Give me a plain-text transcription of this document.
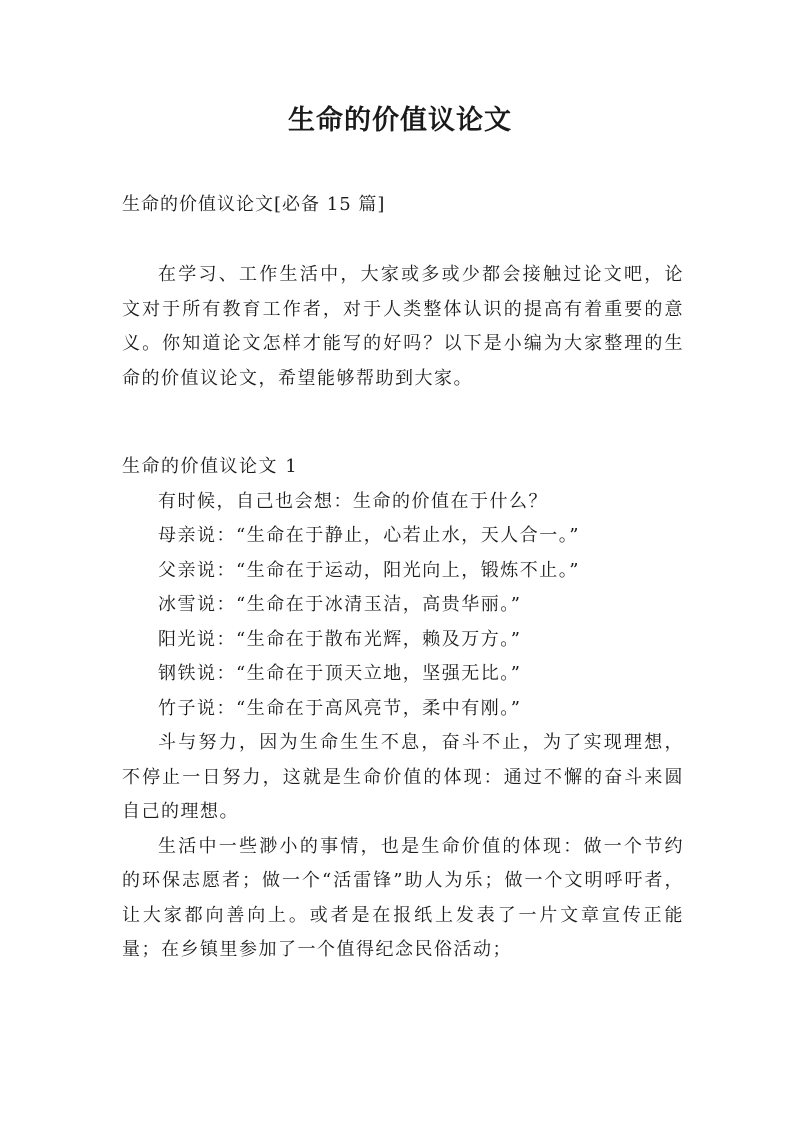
生命的价值议论文

生命的价值议论文[必备 15 篇]

在学习、工作生活中，大家或多或少都会接触过论文吧，论文对于所有教育工作者，对于人类整体认识的提高有着重要的意义。你知道论文怎样才能写的好吗？以下是小编为大家整理的生命的价值议论文，希望能够帮助到大家。

生命的价值议论文 1

有时候，自己也会想：生命的价值在于什么？

母亲说：“生命在于静止，心若止水，天人合一。”

父亲说：“生命在于运动，阳光向上，锻炼不止。”

冰雪说：“生命在于冰清玉洁，高贵华丽。”

阳光说：“生命在于散布光辉，赖及万方。”

钢铁说：“生命在于顶天立地，坚强无比。”

竹子说：“生命在于高风亮节，柔中有刚。”

斗与努力，因为生命生生不息，奋斗不止，为了实现理想，不停止一日努力，这就是生命价值的体现：通过不懈的奋斗来圆自己的理想。

生活中一些渺小的事情，也是生命价值的体现：做一个节约的环保志愿者；做一个“活雷锋”助人为乐；做一个文明呼吁者，让大家都向善向上。或者是在报纸上发表了一片文章宣传正能量；在乡镇里参加了一个值得纪念民俗活动；
